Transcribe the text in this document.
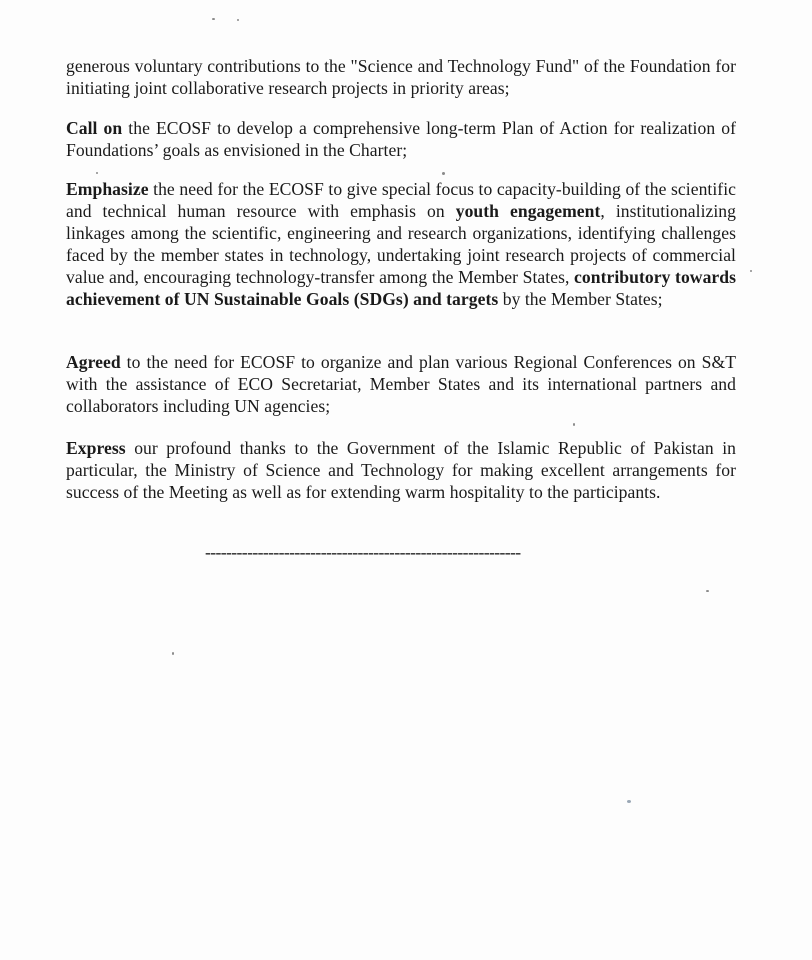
generous voluntary contributions to the "Science and Technology Fund" of the Foundation for initiating joint collaborative research projects in priority areas;

Call on the ECOSF to develop a comprehensive long-term Plan of Action for realization of Foundations’ goals as envisioned in the Charter;

Emphasize the need for the ECOSF to give special focus to capacity-building of the scientific and technical human resource with emphasis on youth engagement, institutionalizing linkages among the scientific, engineering and research organizations, identifying challenges faced by the member states in technology, undertaking joint research projects of commercial value and, encouraging technology-transfer among the Member States, contributory towards achievement of UN Sustainable Goals (SDGs) and targets by the Member States;

Agreed to the need for ECOSF to organize and plan various Regional Conferences on S&T with the assistance of ECO Secretariat, Member States and its international partners and collaborators including UN agencies;

Express our profound thanks to the Government of the Islamic Republic of Pakistan in particular, the Ministry of Science and Technology for making excellent arrangements for success of the Meeting as well as for extending warm hospitality to the participants.

------------------------------------------------------------
